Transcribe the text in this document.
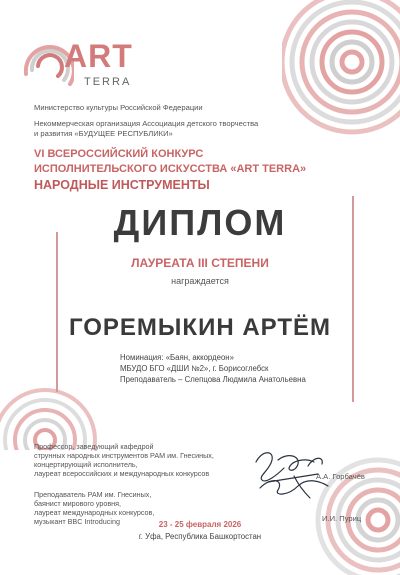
ART
TERRA
Министерство культуры Российской Федерации
Некоммерческая организация Ассоциация детского творчества
и развития «БУДУЩЕЕ РЕСПУБЛИКИ»
VI ВСЕРОССИЙСКИЙ КОНКУРС
ИСПОЛНИТЕЛЬСКОГО ИСКУССТВА «ART TERRA»
НАРОДНЫЕ ИНСТРУМЕНТЫ
ДИПЛОМ
ЛАУРЕАТА III СТЕПЕНИ
награждается
ГОРЕМЫКИН АРТЁМ
Номинация: «Баян, аккордеон»
МБУДО БГО «ДШИ №2», г. Борисоглебск
Преподаватель – Слепцова Людмила Анатольевна
Профессор, заведующий кафедрой
струнных народных инструментов РАМ им. Гнесиных,
концертирующий исполнитель,
лауреат всероссийских и международных конкурсов	А.А. Горбачёв
Преподаватель РАМ им. Гнесиных,
баянист мирового уровня,
лауреат международных конкурсов,
музыкант BBC Introducing	И.И. Пуриц
23 - 25 февраля 2026
г. Уфа, Республика Башкортостан
